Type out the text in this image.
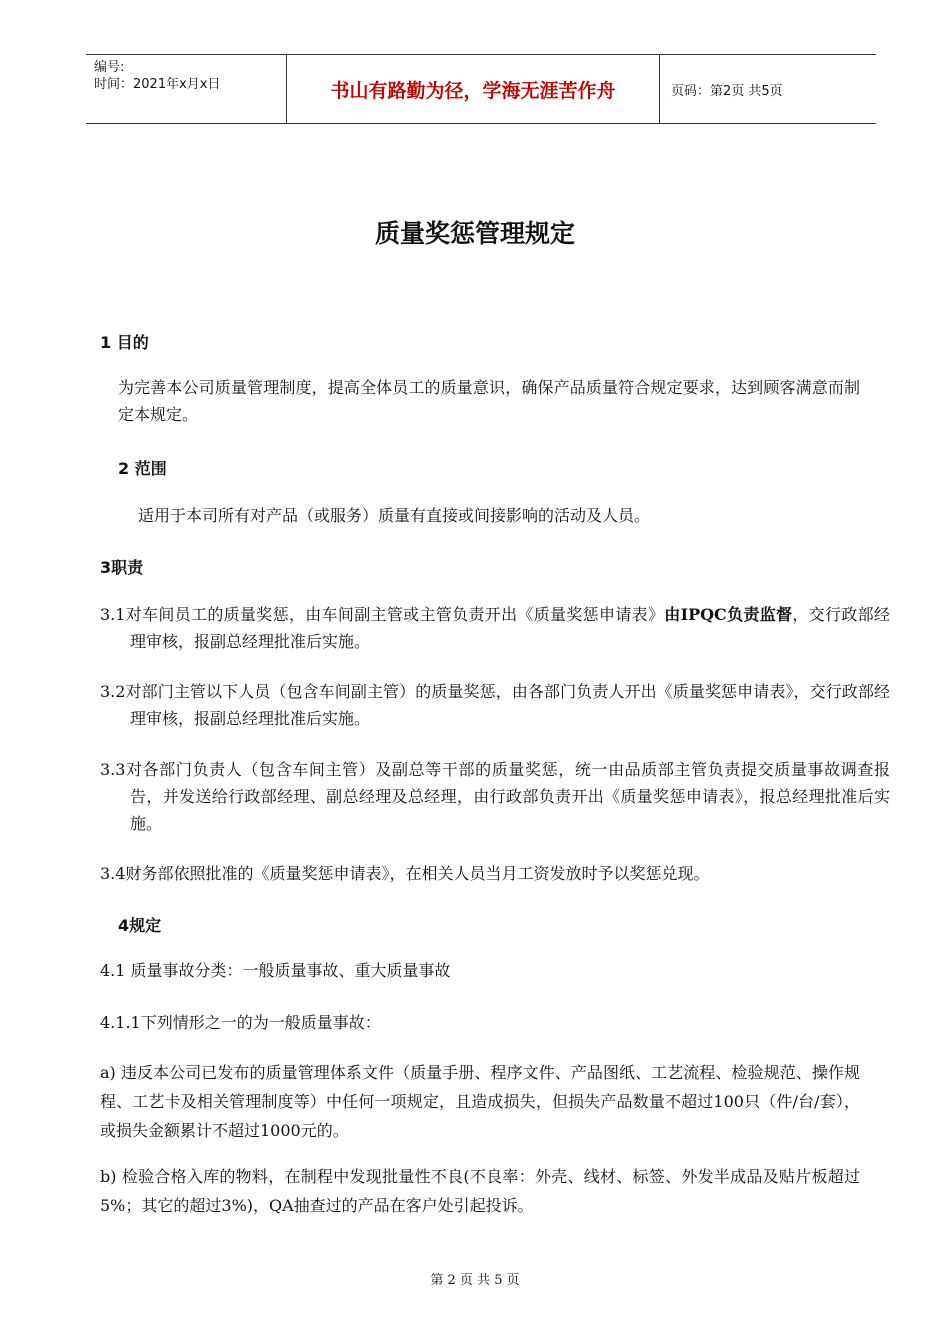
编号:
时间：2021年x月x日	书山有路勤为径，学海无涯苦作舟	页码：第2页 共5页
质量奖惩管理规定
1 目的
为完善本公司质量管理制度，提高全体员工的质量意识，确保产品质量符合规定要求，达到顾客满意而制定本规定。
2 范围
适用于本司所有对产品（或服务）质量有直接或间接影响的活动及人员。
3职责
3.1对车间员工的质量奖惩，由车间副主管或主管负责开出《质量奖惩申请表》由IPQC负责监督，交行政部经理审核，报副总经理批准后实施。
3.2对部门主管以下人员（包含车间副主管）的质量奖惩，由各部门负责人开出《质量奖惩申请表》，交行政部经理审核，报副总经理批准后实施。
3.3对各部门负责人（包含车间主管）及副总等干部的质量奖惩，统一由品质部主管负责提交质量事故调查报告，并发送给行政部经理、副总经理及总经理，由行政部负责开出《质量奖惩申请表》，报总经理批准后实施。
3.4财务部依照批准的《质量奖惩申请表》，在相关人员当月工资发放时予以奖惩兑现。
4规定
4.1 质量事故分类：一般质量事故、重大质量事故
4.1.1下列情形之一的为一般质量事故：
a) 违反本公司已发布的质量管理体系文件（质量手册、程序文件、产品图纸、工艺流程、检验规范、操作规程、工艺卡及相关管理制度等）中任何一项规定，且造成损失，但损失产品数量不超过100只（件/台/套），或损失金额累计不超过1000元的。
b) 检验合格入库的物料，在制程中发现批量性不良(不良率：外壳、线材、标签、外发半成品及贴片板超过5%；其它的超过3%)，QA抽查过的产品在客户处引起投诉。
第 2 页 共 5 页
